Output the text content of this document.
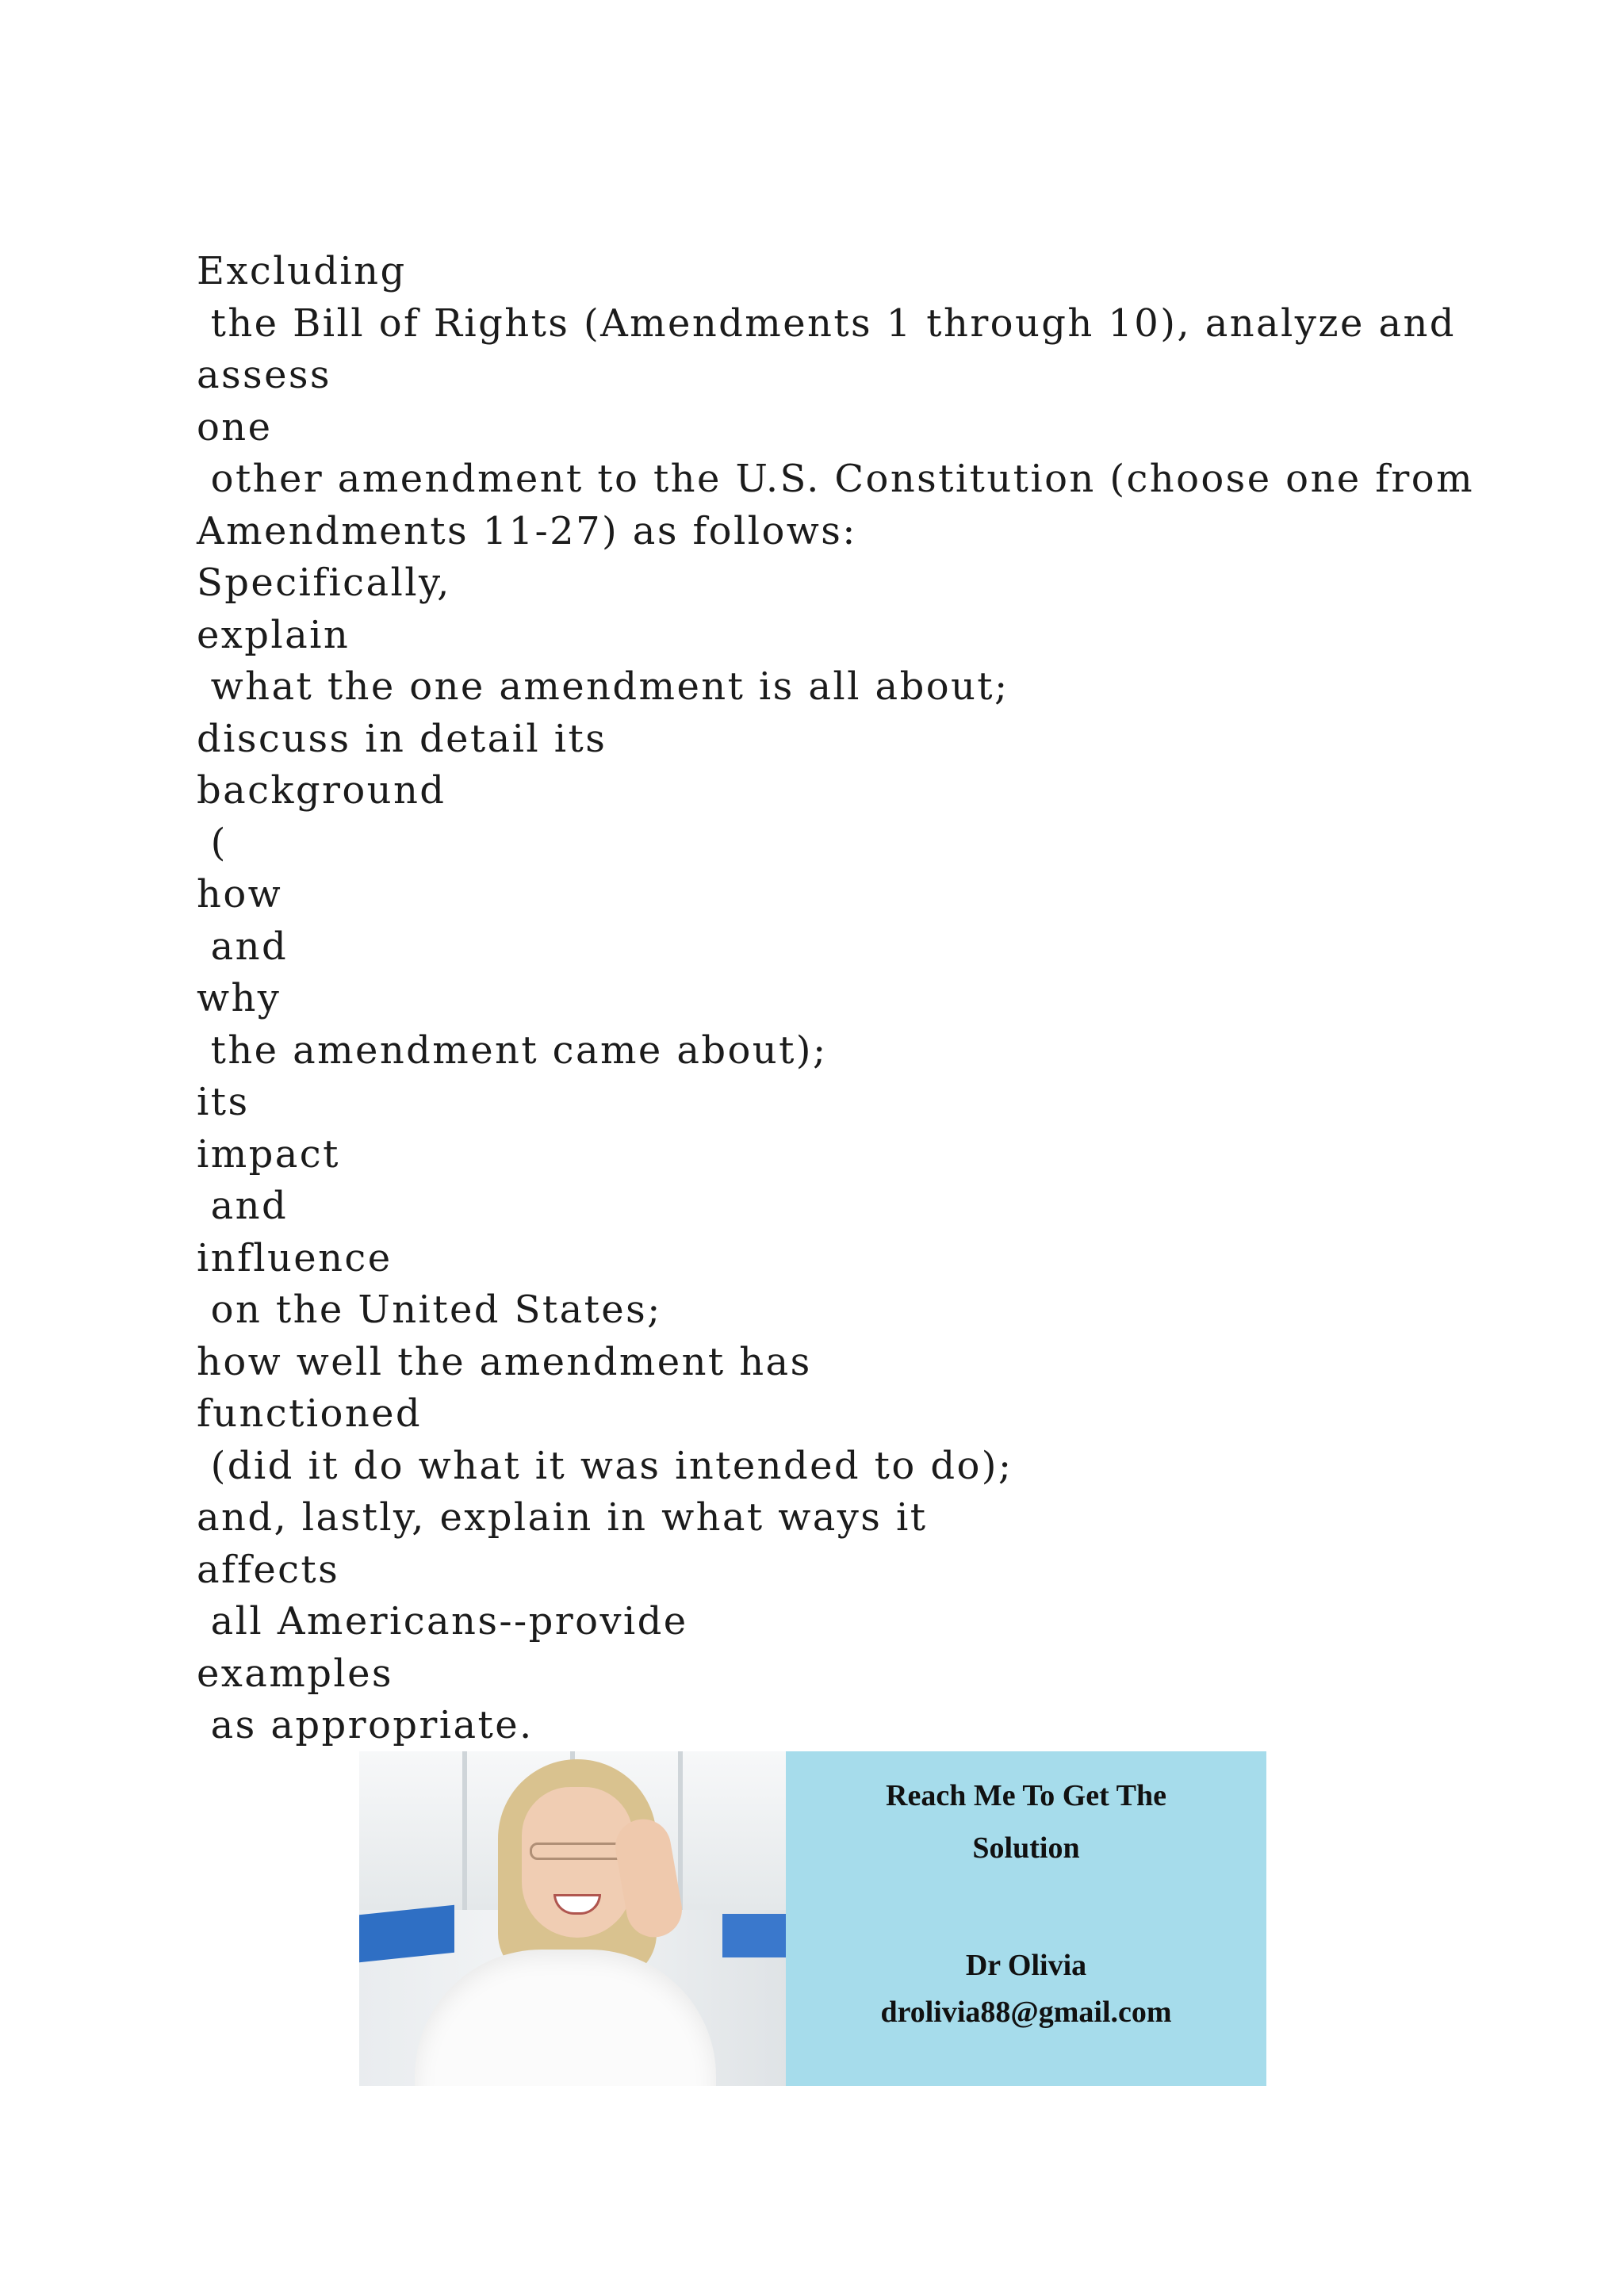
Excluding
the Bill of Rights (Amendments 1 through 10), analyze and
assess
one
other amendment to the U.S. Constitution (choose one from
Amendments 11-27) as follows:
Specifically,
explain
what the one amendment is all about;
discuss in detail its
background
(
how
and
why
the amendment came about);
its
impact
and
influence
on the United States;
how well the amendment has
functioned
(did it do what it was intended to do);
and, lastly, explain in what ways it
affects
all Americans--provide
examples
as appropriate.
Reach Me To Get The
Solution
Dr Olivia
drolivia88@gmail.com
